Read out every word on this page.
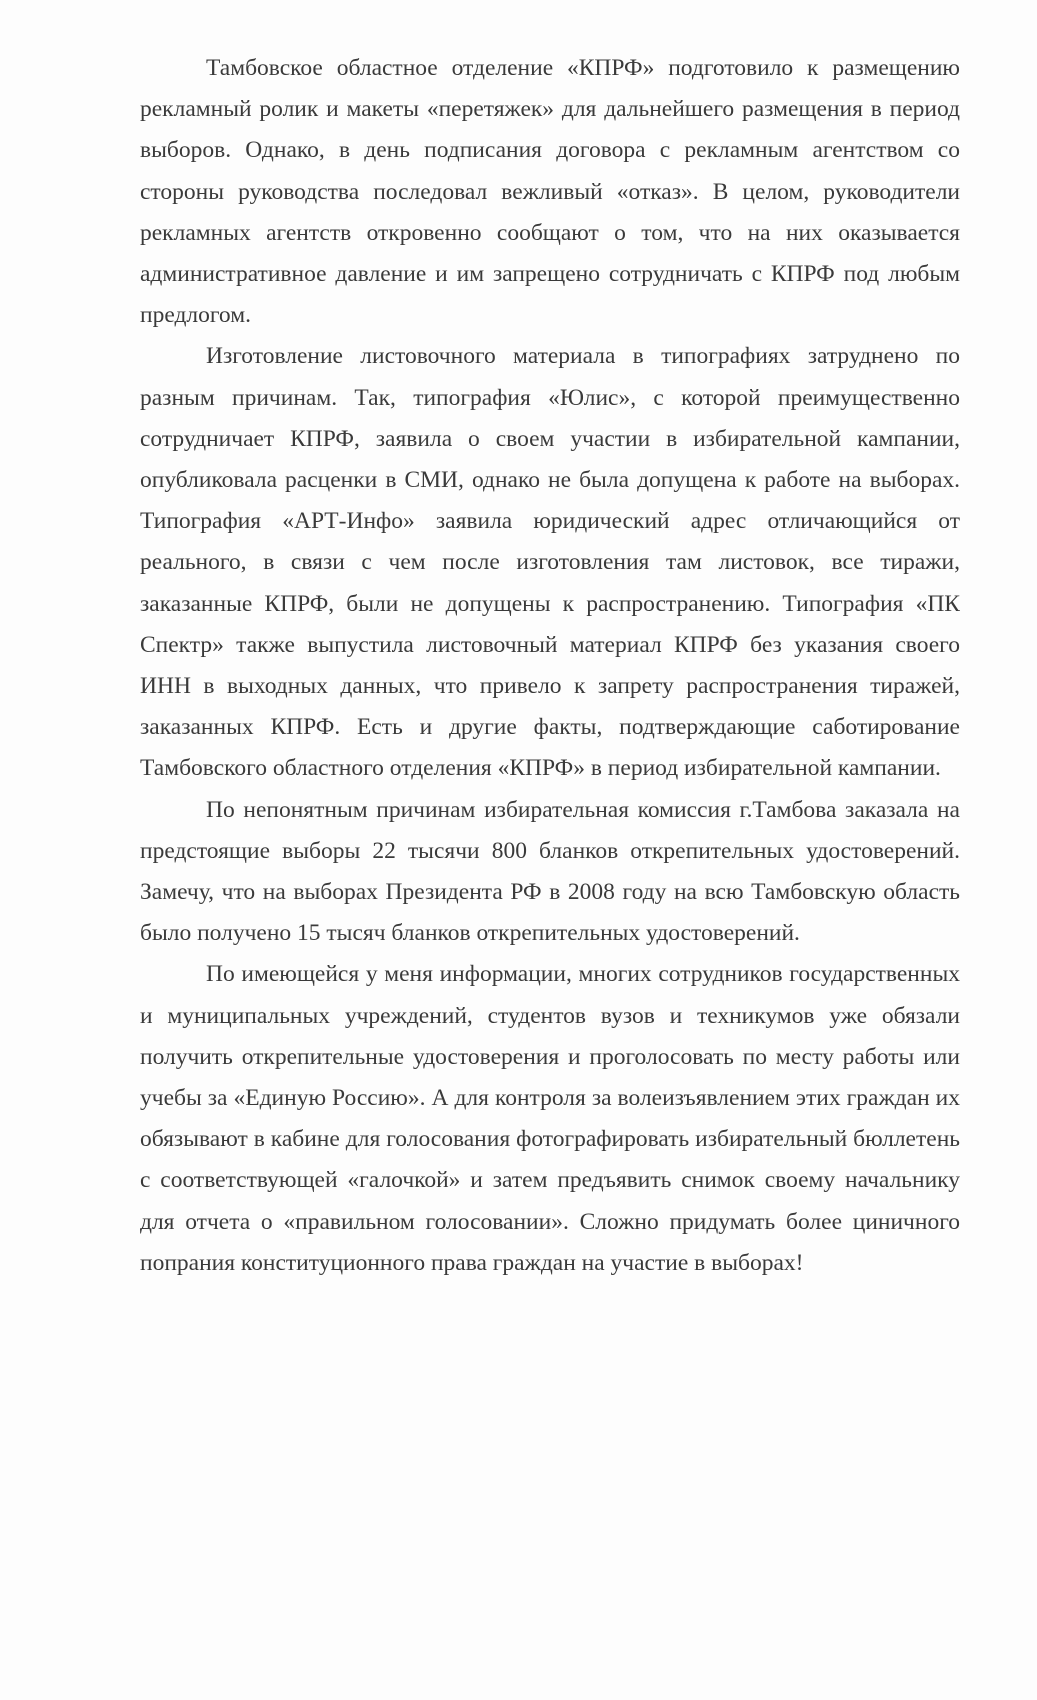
Тамбовское областное отделение «КПРФ» подготовило к размещению рекламный ролик и макеты «перетяжек» для дальнейшего размещения в период выборов. Однако, в день подписания договора с рекламным агентством со стороны руководства последовал вежливый «отказ». В целом, руководители рекламных агентств откровенно сообщают о том, что на них оказывается административное давление и им запрещено сотрудничать с КПРФ под любым предлогом.

Изготовление листовочного материала в типографиях затруднено по разным причинам. Так, типография «Юлис», с которой преимущественно сотрудничает КПРФ, заявила о своем участии в избирательной кампании, опубликовала расценки в СМИ, однако не была допущена к работе на выборах. Типография «АРТ-Инфо» заявила юридический адрес отличающийся от реального, в связи с чем после изготовления там листовок, все тиражи, заказанные КПРФ, были не допущены к распространению. Типография «ПК Спектр» также выпустила листовочный материал КПРФ без указания своего ИНН в выходных данных, что привело к запрету распространения тиражей, заказанных КПРФ. Есть и другие факты, подтверждающие саботирование Тамбовского областного отделения «КПРФ» в период избирательной кампании.

По непонятным причинам избирательная комиссия г.Тамбова заказала на предстоящие выборы 22 тысячи 800 бланков открепительных удостоверений. Замечу, что на выборах Президента РФ в 2008 году на всю Тамбовскую область было получено 15 тысяч бланков открепительных удостоверений.

По имеющейся у меня информации, многих сотрудников государственных и муниципальных учреждений, студентов вузов и техникумов уже обязали получить открепительные удостоверения и проголосовать по месту работы или учебы за «Единую Россию». А для контроля за волеизъявлением этих граждан их обязывают в кабине для голосования фотографировать избирательный бюллетень с соответствующей «галочкой» и затем предъявить снимок своему начальнику для отчета о «правильном голосовании». Сложно придумать более циничного попрания конституционного права граждан на участие в выборах!
